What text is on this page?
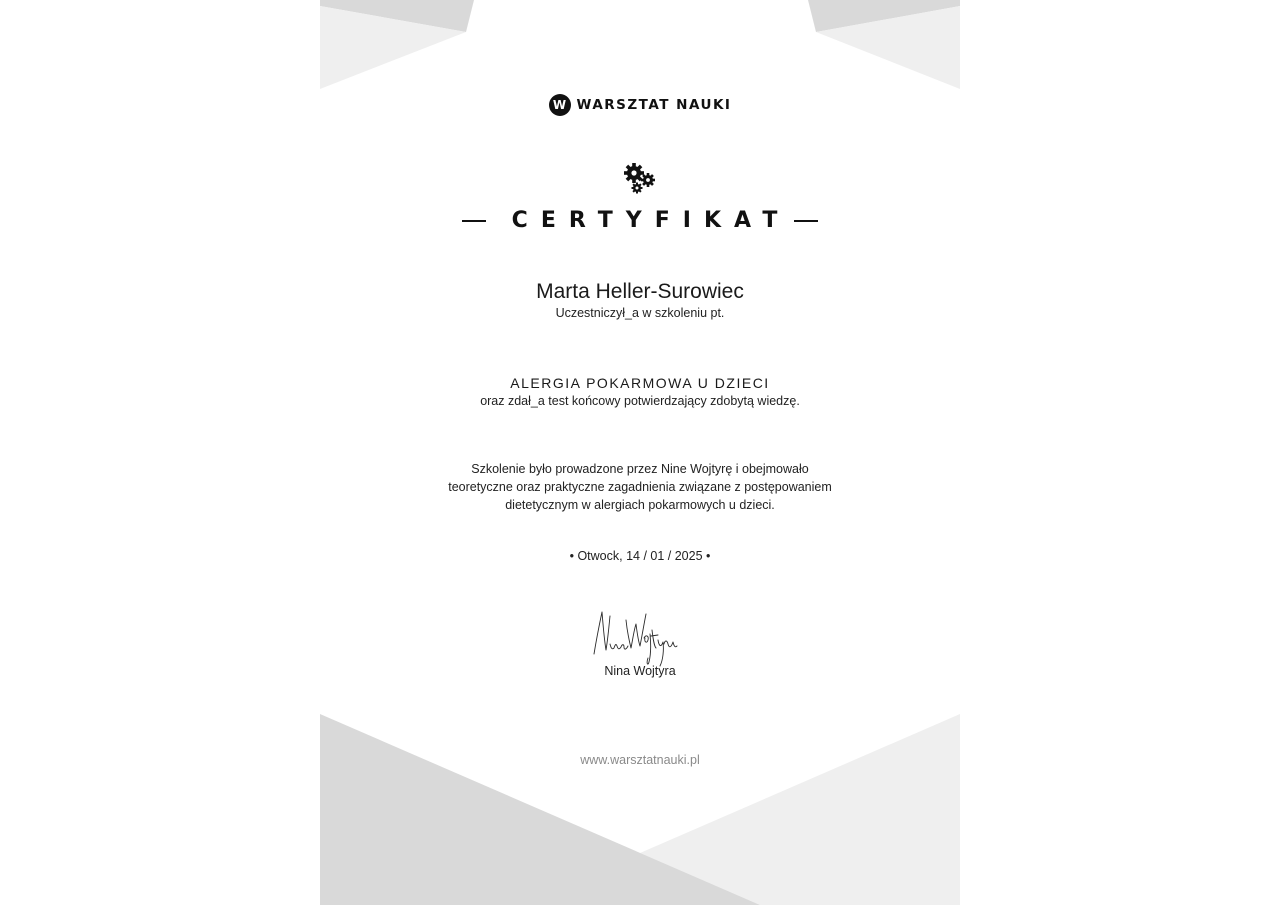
W WARSZTAT NAUKI
CERTYFIKAT
Marta Heller-Surowiec
Uczestniczył_a w szkoleniu pt.
ALERGIA POKARMOWA U DZIECI
oraz zdał_a test końcowy potwierdzający zdobytą wiedzę.
Szkolenie było prowadzone przez Nine Wojtyrę i obejmowało
teoretyczne oraz praktyczne zagadnienia związane z postępowaniem
dietetycznym w alergiach pokarmowych u dzieci.
• Otwock, 14 / 01 / 2025 •
Nina Wojtyra
www.warsztatnauki.pl
